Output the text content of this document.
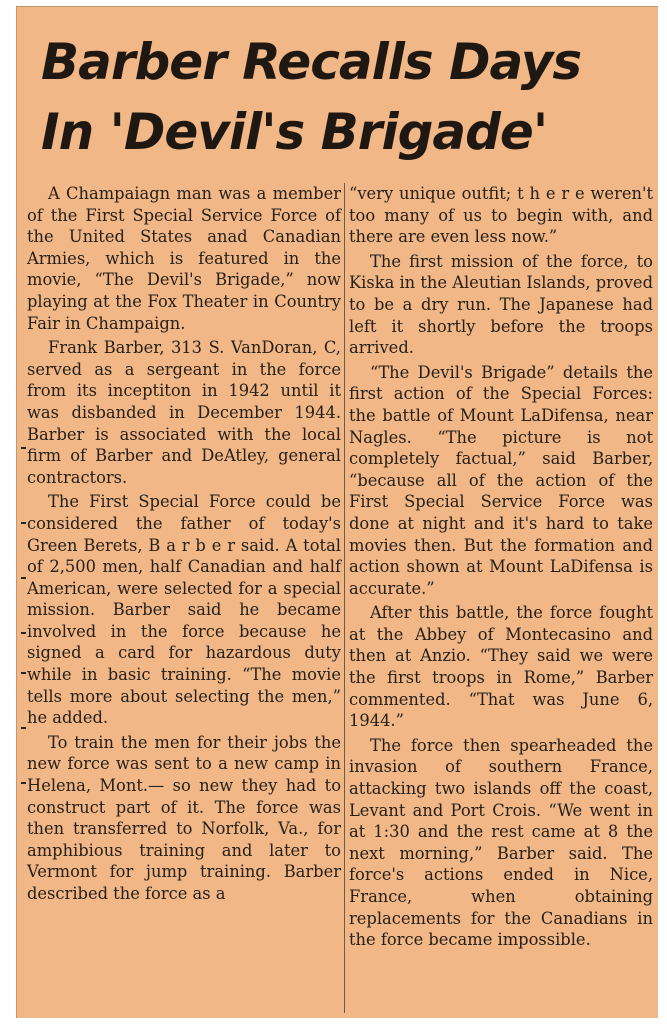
Barber Recalls Days
In 'Devil's Brigade'

A Champaiagn man was a member of the First Special Service Force of the United States anad Canadian Armies, which is featured in the movie, “The Devil's Brigade,” now playing at the Fox Theater in Country Fair in Champaign.

Frank Barber, 313 S. VanDoran, C, served as a sergeant in the force from its inceptiton in 1942 until it was disbanded in December 1944. Barber is associated with the local firm of Barber and DeAtley, general contractors.

The First Special Force could be considered the father of today's Green Berets, B a r b e r said. A total of 2,500 men, half Canadian and half American, were selected for a special mission. Barber said he became involved in the force because he signed a card for hazardous duty while in basic training. “The movie tells more about selecting the men,” he added.

To train the men for their jobs the new force was sent to a new camp in Helena, Mont.— so new they had to construct part of it. The force was then transferred to Norfolk, Va., for amphibious training and later to Vermont for jump training. Barber described the force as a

“very unique outfit; t h e r e weren't too many of us to begin with, and there are even less now.”

The first mission of the force, to Kiska in the Aleutian Islands, proved to be a dry run. The Japanese had left it shortly before the troops arrived.

“The Devil's Brigade” details the first action of the Special Forces: the battle of Mount LaDifensa, near Nagles. “The picture is not completely factual,” said Barber, “because all of the action of the First Special Service Force was done at night and it's hard to take movies then. But the formation and action shown at Mount LaDifensa is accurate.”

After this battle, the force fought at the Abbey of Montecasino and then at Anzio. “They said we were the first troops in Rome,” Barber commented. “That was June 6, 1944.”

The force then spearheaded the invasion of southern France, attacking two islands off the coast, Levant and Port Crois. “We went in at 1:30 and the rest came at 8 the next morning,” Barber said. The force's actions ended in Nice, France, when obtaining replacements for the Canadians in the force became impossible.
